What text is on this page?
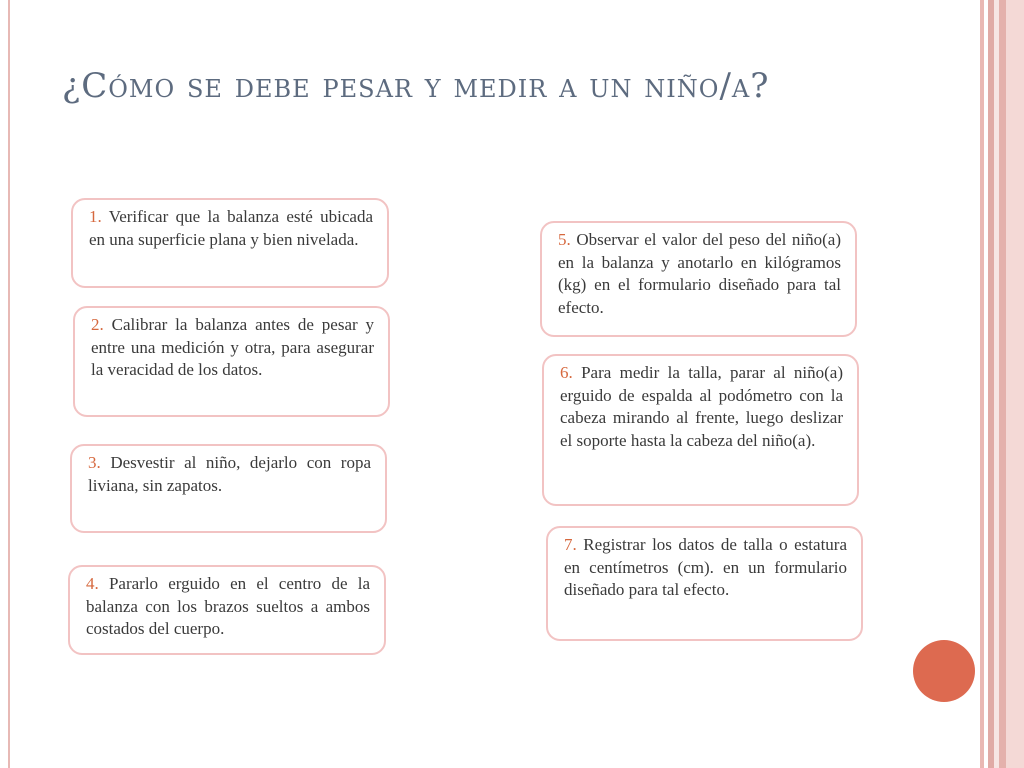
¿Cómo se debe pesar y medir a un niño/a?
1. Verificar que la balanza esté ubicada en una superficie plana y bien nivelada.
2. Calibrar la balanza antes de pesar y entre una medición y otra, para asegurar la veracidad de los datos.
3. Desvestir al niño, dejarlo con ropa liviana, sin zapatos.
4. Pararlo erguido en el centro de la balanza con los brazos sueltos a ambos costados del cuerpo.
5. Observar el valor del peso del niño(a) en la balanza y anotarlo en kilógramos (kg) en el formulario diseñado para tal efecto.
6. Para medir la talla, parar al niño(a) erguido de espalda al podómetro con la cabeza mirando al frente, luego deslizar el soporte hasta la cabeza del niño(a).
7. Registrar los datos de talla o estatura en centímetros (cm). en un formulario diseñado para tal efecto.
